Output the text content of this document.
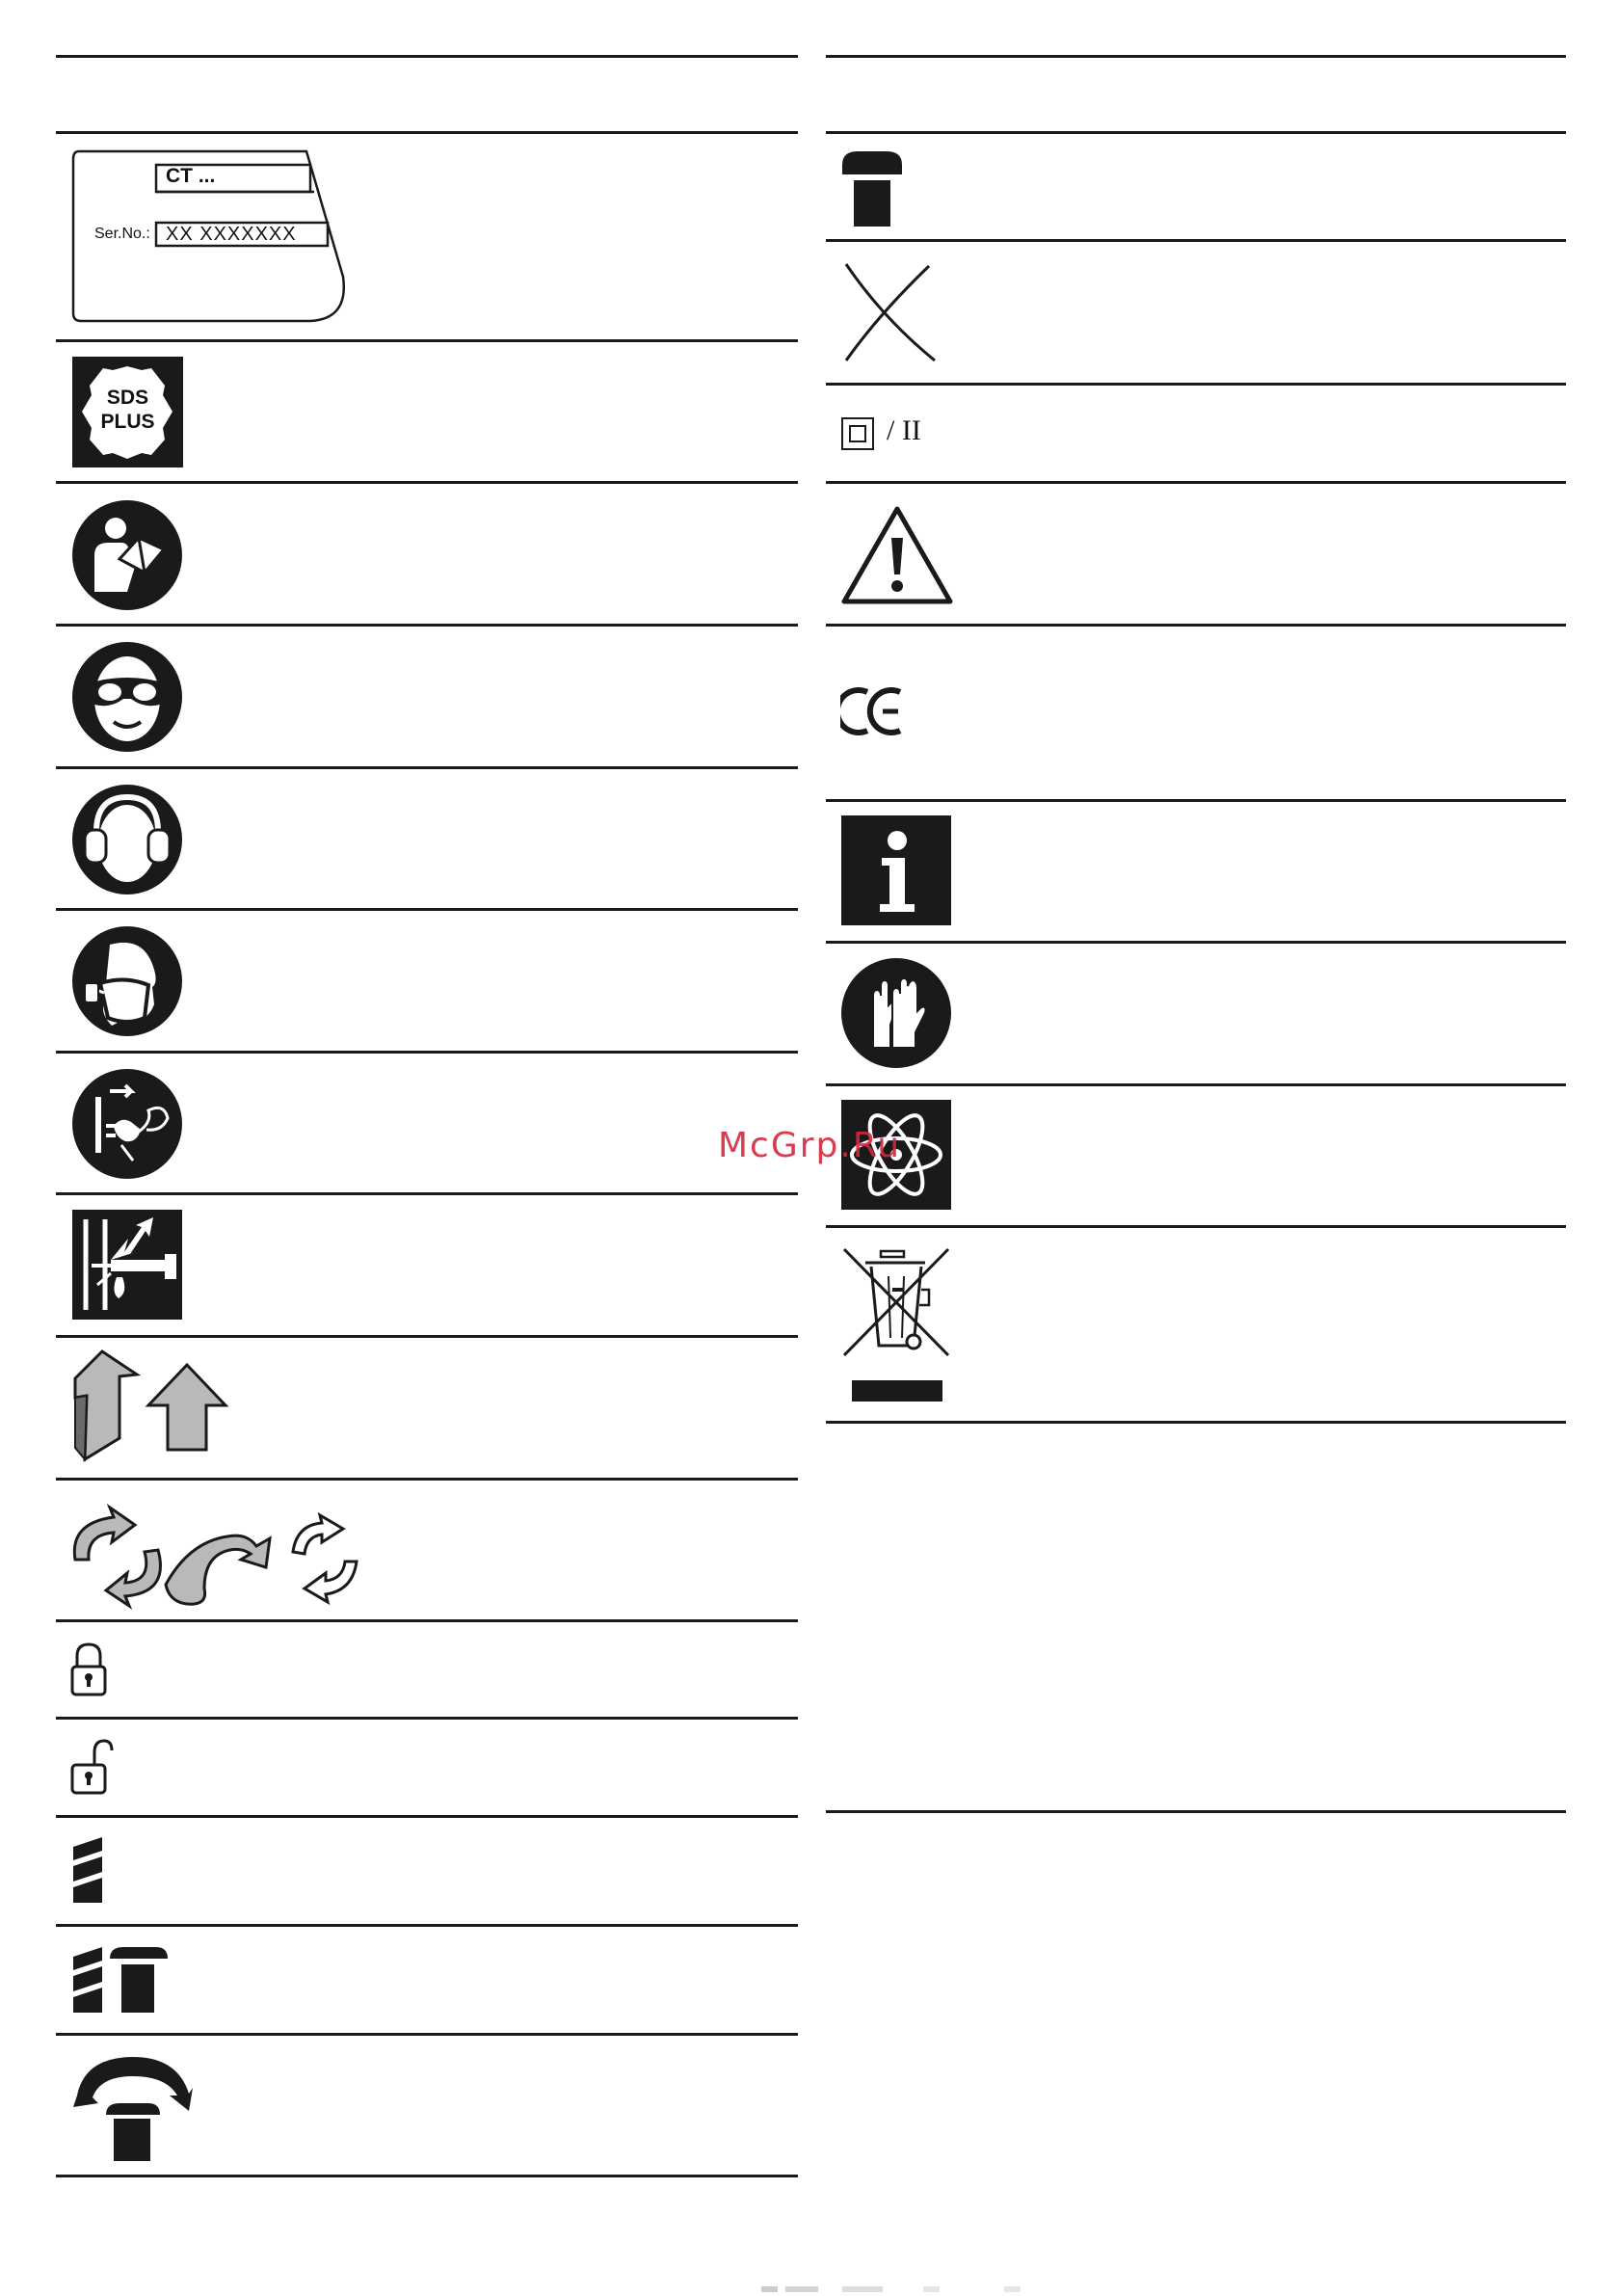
CT ...
Ser.No.: XX XXXXXXX
SDS
PLUS	/ II
McGrp.Ru
